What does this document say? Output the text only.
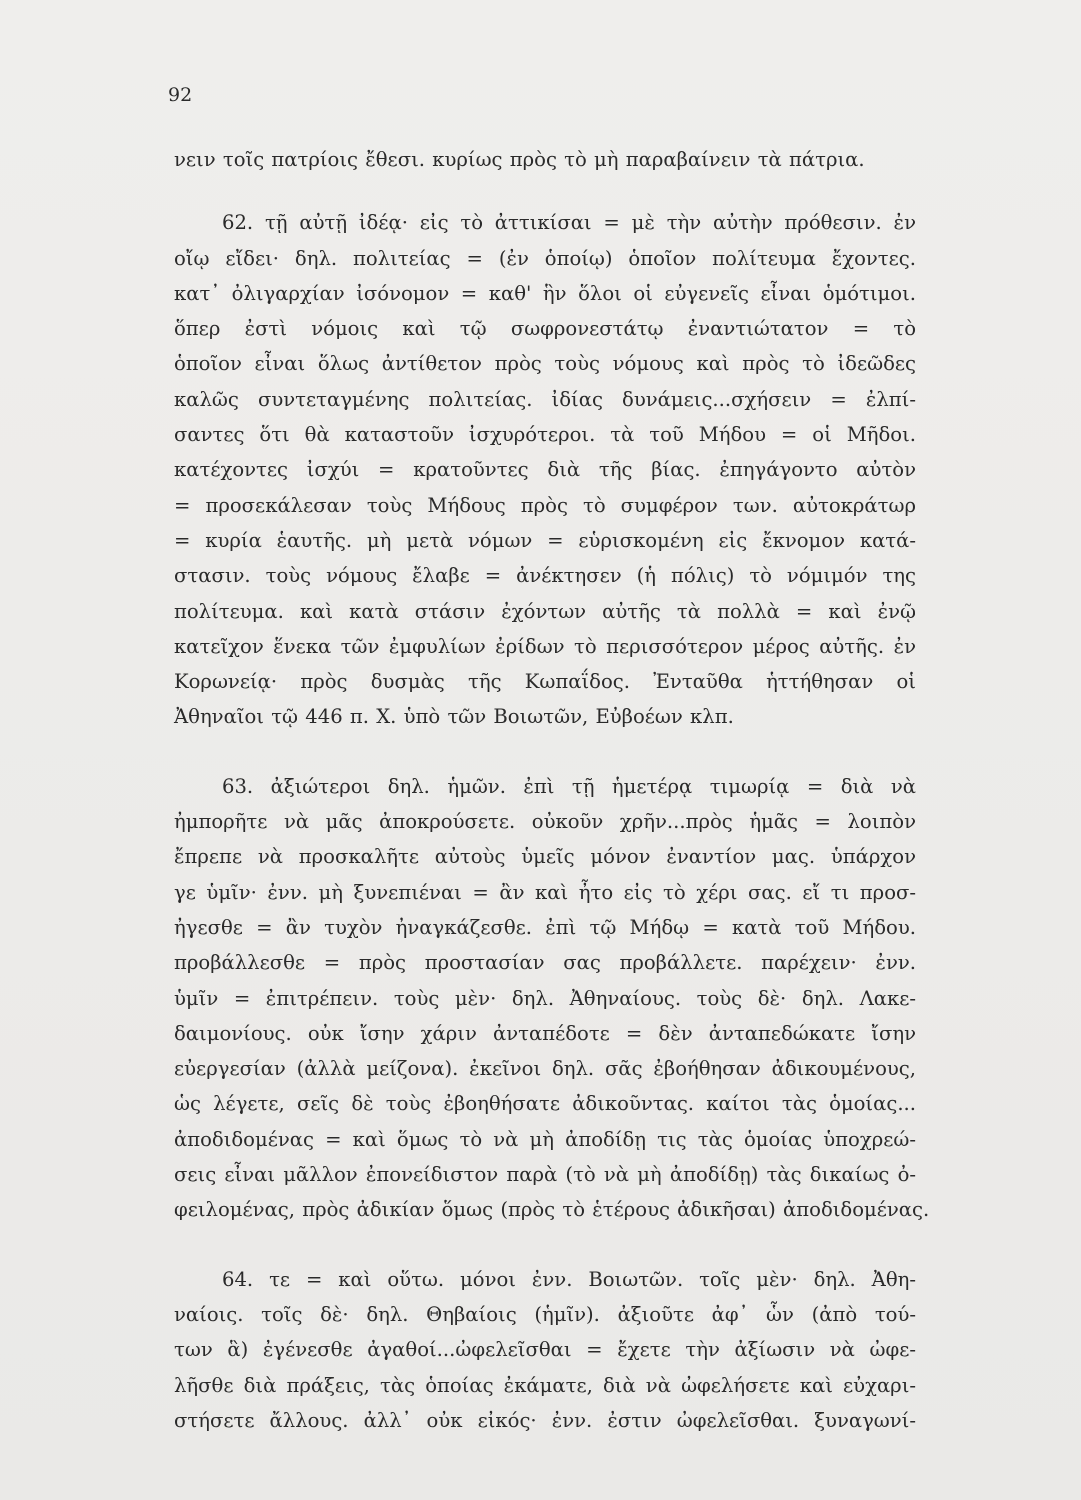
92
νειν τοῖς πατρίοις ἔθεσι. κυρίως πρὸς τὸ μὴ παραβαίνειν τὰ πάτρια.
62. τῇ αὐτῇ ἰδέᾳ· εἰς τὸ ἀττικίσαι = μὲ τὴν αὐτὴν πρόθεσιν. ἐν
οἴῳ εἴδει· δηλ. πολιτείας = (ἐν ὁποίῳ) ὁποῖον πολίτευμα ἔχοντες.
κατ᾽ ὀλιγαρχίαν ἰσόνομον = καθ' ἣν ὅλοι οἱ εὐγενεῖς εἶναι ὁμότιμοι.
ὅπερ ἐστὶ νόμοις καὶ τῷ σωφρονεστάτῳ ἐναντιώτατον = τὸ
ὁποῖον εἶναι ὅλως ἀντίθετον πρὸς τοὺς νόμους καὶ πρὸς τὸ ἰδεῶδες
καλῶς συντεταγμένης πολιτείας. ἰδίας δυνάμεις...σχήσειν = ἐλπί-
σαντες ὅτι θὰ καταστοῦν ἰσχυρότεροι. τὰ τοῦ Μήδου = οἱ Μῆδοι.
κατέχοντες ἰσχύι = κρατοῦντες διὰ τῆς βίας. ἐπηγάγοντο αὐτὸν
= προσεκάλεσαν τοὺς Μήδους πρὸς τὸ συμφέρον των. αὐτοκράτωρ
= κυρία ἑαυτῆς. μὴ μετὰ νόμων = εὑρισκομένη εἰς ἔκνομον κατά-
στασιν. τοὺς νόμους ἔλαβε = ἀνέκτησεν (ἡ πόλις) τὸ νόμιμόν της
πολίτευμα. καὶ κατὰ στάσιν ἐχόντων αὐτῆς τὰ πολλὰ = καὶ ἐνῷ
κατεῖχον ἕνεκα τῶν ἐμφυλίων ἐρίδων τὸ περισσότερον μέρος αὐτῆς. ἐν
Κορωνείᾳ· πρὸς δυσμὰς τῆς Κωπαΐδος. Ἐνταῦθα ἡττήθησαν οἱ
Ἀθηναῖοι τῷ 446 π. Χ. ὑπὸ τῶν Βοιωτῶν, Εὐβοέων κλπ.
63. ἀξιώτεροι δηλ. ἡμῶν. ἐπὶ τῇ ἡμετέρᾳ τιμωρίᾳ = διὰ νὰ
ἠμπορῆτε νὰ μᾶς ἀποκρούσετε. οὐκοῦν χρῆν...πρὸς ἡμᾶς = λοιπὸν
ἔπρεπε νὰ προσκαλῆτε αὐτοὺς ὑμεῖς μόνον ἐναντίον μας. ὑπάρχον
γε ὑμῖν· ἐνν. μὴ ξυνεπιέναι = ἂν καὶ ἦτο εἰς τὸ χέρι σας. εἴ τι προσ-
ἠγεσθε = ἂν τυχὸν ἠναγκάζεσθε. ἐπὶ τῷ Μήδῳ = κατὰ τοῦ Μήδου.
προβάλλεσθε = πρὸς προστασίαν σας προβάλλετε. παρέχειν· ἐνν.
ὑμῖν = ἐπιτρέπειν. τοὺς μὲν· δηλ. Ἀθηναίους. τοὺς δὲ· δηλ. Λακε-
δαιμονίους. οὐκ ἴσην χάριν ἀνταπέδοτε = δὲν ἀνταπεδώκατε ἴσην
εὐεργεσίαν (ἀλλὰ μείζονα). ἐκεῖνοι δηλ. σᾶς ἐβοήθησαν ἀδικουμένους,
ὡς λέγετε, σεῖς δὲ τοὺς ἐβοηθήσατε ἀδικοῦντας. καίτοι τὰς ὁμοίας...
ἀποδιδομένας = καὶ ὅμως τὸ νὰ μὴ ἀποδίδῃ τις τὰς ὁμοίας ὑποχρεώ-
σεις εἶναι μᾶλλον ἐπονείδιστον παρὰ (τὸ νὰ μὴ ἀποδίδῃ) τὰς δικαίως ὀ-
φειλομένας, πρὸς ἀδικίαν ὅμως (πρὸς τὸ ἑτέρους ἀδικῆσαι) ἀποδιδομένας.
64. τε = καὶ οὕτω. μόνοι ἐνν. Βοιωτῶν. τοῖς μὲν· δηλ. Ἀθη-
ναίοις. τοῖς δὲ· δηλ. Θηβαίοις (ἡμῖν). ἀξιοῦτε ἀφ᾽ ὧν (ἀπὸ τού-
των ἃ) ἐγένεσθε ἀγαθοί...ὠφελεῖσθαι = ἔχετε τὴν ἀξίωσιν νὰ ὠφε-
λῆσθε διὰ πράξεις, τὰς ὁποίας ἐκάματε, διὰ νὰ ὠφελήσετε καὶ εὐχαρι-
στήσετε ἄλλους. ἀλλ᾽ οὐκ εἰκός· ἐνν. ἐστιν ὠφελεῖσθαι. ξυναγωνί-
